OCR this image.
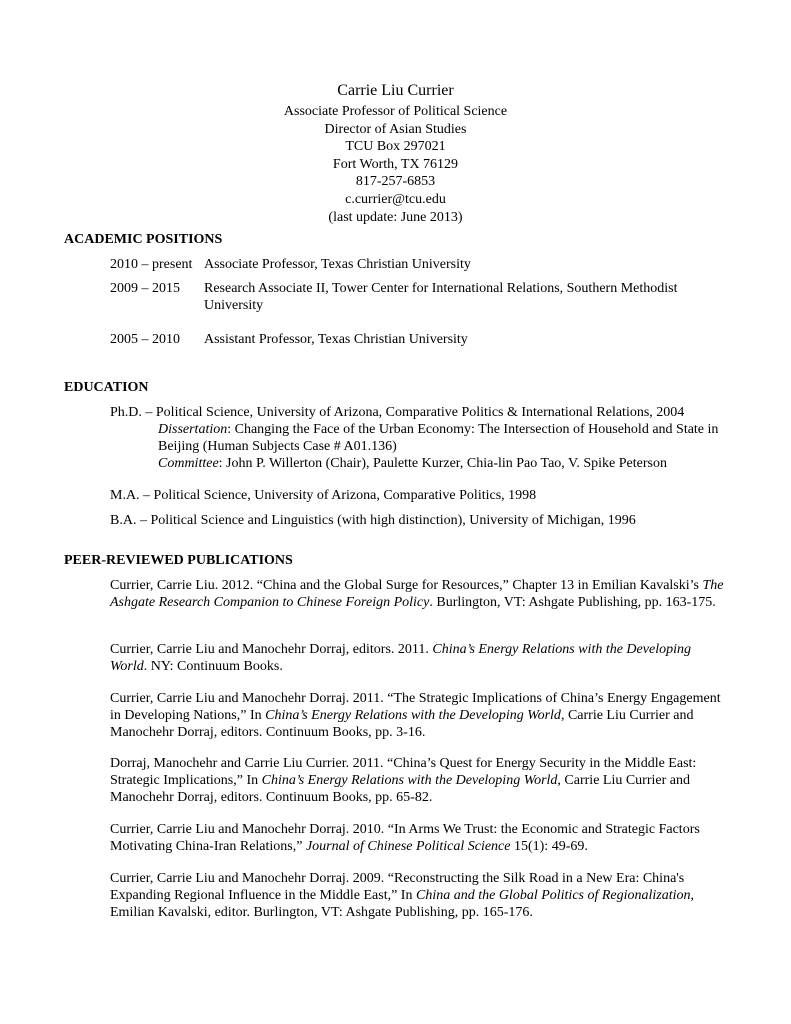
Carrie Liu Currier
Associate Professor of Political Science
Director of Asian Studies
TCU Box 297021
Fort Worth, TX 76129
817-257-6853
c.currier@tcu.edu
(last update: June 2013)
ACADEMIC POSITIONS
2010 – present Associate Professor, Texas Christian University
2009 – 2015	Research Associate II, Tower Center for International Relations, Southern Methodist University
2005 – 2010	Assistant Professor, Texas Christian University
EDUCATION
Ph.D. – Political Science, University of Arizona, Comparative Politics & International Relations, 2004
Dissertation: Changing the Face of the Urban Economy: The Intersection of Household and State in Beijing (Human Subjects Case # A01.136)
Committee: John P. Willerton (Chair), Paulette Kurzer, Chia-lin Pao Tao, V. Spike Peterson
M.A. – Political Science, University of Arizona, Comparative Politics, 1998
B.A. – Political Science and Linguistics (with high distinction), University of Michigan, 1996
PEER-REVIEWED PUBLICATIONS
Currier, Carrie Liu. 2012. “China and the Global Surge for Resources,” Chapter 13 in Emilian Kavalski’s The Ashgate Research Companion to Chinese Foreign Policy. Burlington, VT: Ashgate Publishing, pp. 163-175.
Currier, Carrie Liu and Manochehr Dorraj, editors. 2011. China’s Energy Relations with the Developing World. NY: Continuum Books.
Currier, Carrie Liu and Manochehr Dorraj. 2011. “The Strategic Implications of China’s Energy Engagement in Developing Nations,” In China’s Energy Relations with the Developing World, Carrie Liu Currier and Manochehr Dorraj, editors. Continuum Books, pp. 3-16.
Dorraj, Manochehr and Carrie Liu Currier. 2011. “China’s Quest for Energy Security in the Middle East: Strategic Implications,” In China’s Energy Relations with the Developing World, Carrie Liu Currier and Manochehr Dorraj, editors. Continuum Books, pp. 65-82.
Currier, Carrie Liu and Manochehr Dorraj. 2010. “In Arms We Trust: the Economic and Strategic Factors Motivating China-Iran Relations,” Journal of Chinese Political Science 15(1): 49-69.
Currier, Carrie Liu and Manochehr Dorraj. 2009. “Reconstructing the Silk Road in a New Era: China's Expanding Regional Influence in the Middle East,” In China and the Global Politics of Regionalization, Emilian Kavalski, editor. Burlington, VT: Ashgate Publishing, pp. 165-176.
